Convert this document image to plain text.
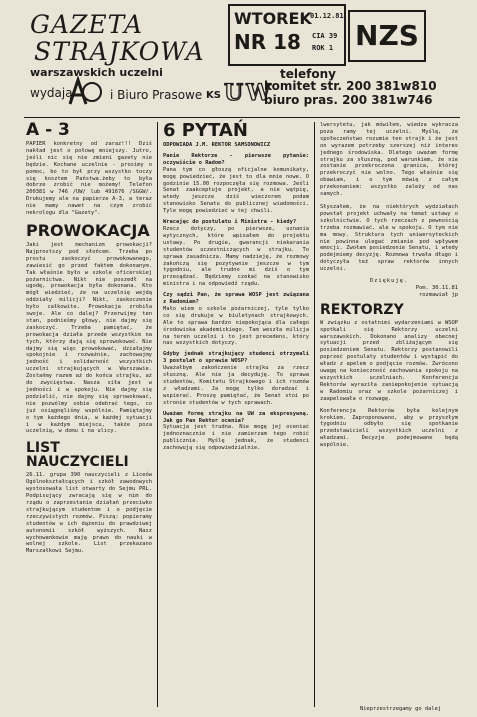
GAZETA
STRAJKOWA
warszawskich uczelni
wydają	i Biuro Prasowe KS UW
WTOREK
01.12.81
NR 18 CIA 39
ROK 1 NZS
telefony
komitet str. 200 381w810
biuro pras. 200 381w746
A - 3

PAPIER konkretny od zaraz!!! Dziś nakład jest o połowę mniejszy. Jutro, jeśli nic się nie zmieni gazety nie będzie. Kochane uczelnie - prosimy o pomoc, bo to był przy wszystko toczy się kosztem Państwa.żeby to była dobrze zrobić nie możemy! Telefon 200381 w 746 /UW/ lub 491676 /SGGW/. Drukujemy ale na papierze A-3, a teraz nie mamy nawet na czym zrobić nekrologu dla "Gazety".

PROWOKACJA

Jaki jest mechanizm prowokacji? Najprostszy pod słońcem. Trzeba po prostu zaskoczyć prowokowanego, zawiesić go przed faktem dokonanym. Tak właśnie było w szkole oficerskiej pożarnictwa. Nikt nie poszedł na ugodę, prowokacja była dokonana. Kto mógł wiedzieć, że na uczelnię wejdą oddziały milicji? Nikt, zaskoczenie było całkowite. Prowokacja zrobiła swoje. Ale co dalej? Przerwijmy ten stan, podnieśmy głowy, nie dajmy się zaskoczyć. Trzeba pamiętać, że prowokacja działa przede wszystkim na tych, którzy dają się sprowokować. Nie dajmy się więc prowokować, działajmy spokojnie i rozważnie, zachowajmy jedność i solidarność wszystkich uczelni strajkujących w Warszawie. Zostańmy razem aż do końca strajku, aż do zwycięstwa. Nasza siła jest w jedności i w spokoju. Nie dajmy się podzielić, nie dajmy się sprowokować, nie pozwólmy sobie odebrać tego, co już osiągnęliśmy wspólnie. Pamiętajmy o tym każdego dnia, w każdej sytuacji i w każdym miejscu, także poza uczelnią, w domu i na ulicy.

LIST NAUCZYCIELI

26.11. grupa 390 nauczycieli z Liceów Ogólnokształcących i szkół zawodowych wystosowała list otwarty do Sejmu PRL. Podpisujący zwracają się w nim do rządu o zaprzestanie działań przeciwko strajkującym studentom i o podjęcie rzeczywistych rozmów. Piszą: popieramy studentów w ich dążeniu do prawdziwej autonomii szkół wyższych. Nasz wychowankowie mają prawo do nauki w wolnej szkole. List przekazano Marszałkowi Sejmu.

6 PYTAŃ

ODPOWIADA J.M. REKTOR SAMSONOWICZ

Panie Rektorze - pierwsze pytanie: oczywiście o Radom?

Pana tym co głoszą oficjalne komunikaty, mogę powiedzieć, że jest to dla mnie nowe. O godzinie 15.00 rozpoczęła się rozmowa. Jeśli Senat zaakceptuje projekt, a nie wątpię, wtedy jeszcze dziś wieczorem podam stanowisko Senatu do publicznej wiadomości. Tyle mogę powiedzieć w tej chwili.

Wracając do postulatu i Ministra - kiedy?

Rzecz dotyczy, po pierwsze, uznania wytycznych, które wpisałem do projektu ustawy. Po drugie, gwarancji niekarania studentów uczestniczących w strajku. To sprawa zasadnicza. Mamy nadzieję, że rozmowy zakończą się pozytywnie jeszcze w tym tygodniu, ale trudno mi dziś o tym przesądzać. Będziemy czekać na stanowisko ministra i na odpowiedź rządu.

Czy sądzi Pan, że sprawa WOSP jest związana z Radomiem?

Mało wiem o szkole pożarniczej, tyle tylko co się drukuje w biuletynach strajkowych. Ale to sprawa bardzo niepokojąca dla całego środowiska akademickiego. Tam weszła milicja na teren uczelni i to jest precedens, który nas wszystkich dotyczy.

Gdyby jednak strajkujący studenci otrzymali 3 postulat o sprawie WOSP?

Uważałbym zakończenie strajku za rzecz słuszną. Ale nie ja decyduję. To sprawa studentów, Komitetu Strajkowego i ich rozmów z władzami. Ja mogę tylko doradzać i wspierać. Proszę pamiętać, że Senat stoi po stronie studentów w tych sprawach.

Uważam formę strajku na UW za ekspresywną. Jak go Pan Rektor ocenia?

Sytuacja jest trudna. Nie mogę jej oceniać jednoznacznie i nie zamierzam tego robić publicznie. Myślę jednak, że studenci zachowują się odpowiedzialnie.

lwersytetu, jak mówiłem, wiedza wykracza poza ramy tej uczelni. Myślę, że społeczeństwo rozumie ten strajk i że jest on wyrazem potrzeby szerszej niż interes jednego środowiska. Dlatego uważam formę strajku za słuszną, pod warunkiem, że nie zostanie przekroczona granica, której przekroczyć nie wolno. Tego właśnie się obawiam, i o tym mówię z całym przekonaniem: wszystko zależy od nas samych.

Słyszałem, że na niektórych wydziałach powstał projekt uchwały na temat ustawy o szkolnictwie. O tych rzeczach z pewnością trzeba rozmawiać, ale w spokoju. O tym nie ma mowy. Struktura tych uniwersyteckich nie powinna ulegać zmianie pod wpływem emocji. Zwołam posiedzenie Senatu, i wtedy podejmiemy decyzję. Rozmowa trwała długo i dotyczyła też spraw rektorów innych uczelni.

Dziękuję.

Pom. 30.11.81

rozmawiał jp

REKTORZY

W związku z ostatnimi wydarzeniami w WSOP spotkali się Rektorzy uczelni warszawskich. Dokonano analizy obecnej sytuacji przed zbliżającym się posiedzeniem Senatu. Rektorzy postanowili poprzeć postulaty studentów i wystąpić do władz z apelem o podjęcie rozmów. Zwrócono uwagę na konieczność zachowania spokoju na wszystkich uczelniach. Konferencja Rektorów wyraziła zaniepokojenie sytuacją w Radomiu oraz w szkole pożarniczej i zaapelowała o rozwagę.

Konferencja Rektorów była kolejnym krokiem. Zaproponowano, aby w przyszłym tygodniu odbyło się spotkanie przedstawicieli wszystkich uczelni z władzami. Decyzje podejmowane będą wspólnie.

Nieprzestrzegamy go dalej
